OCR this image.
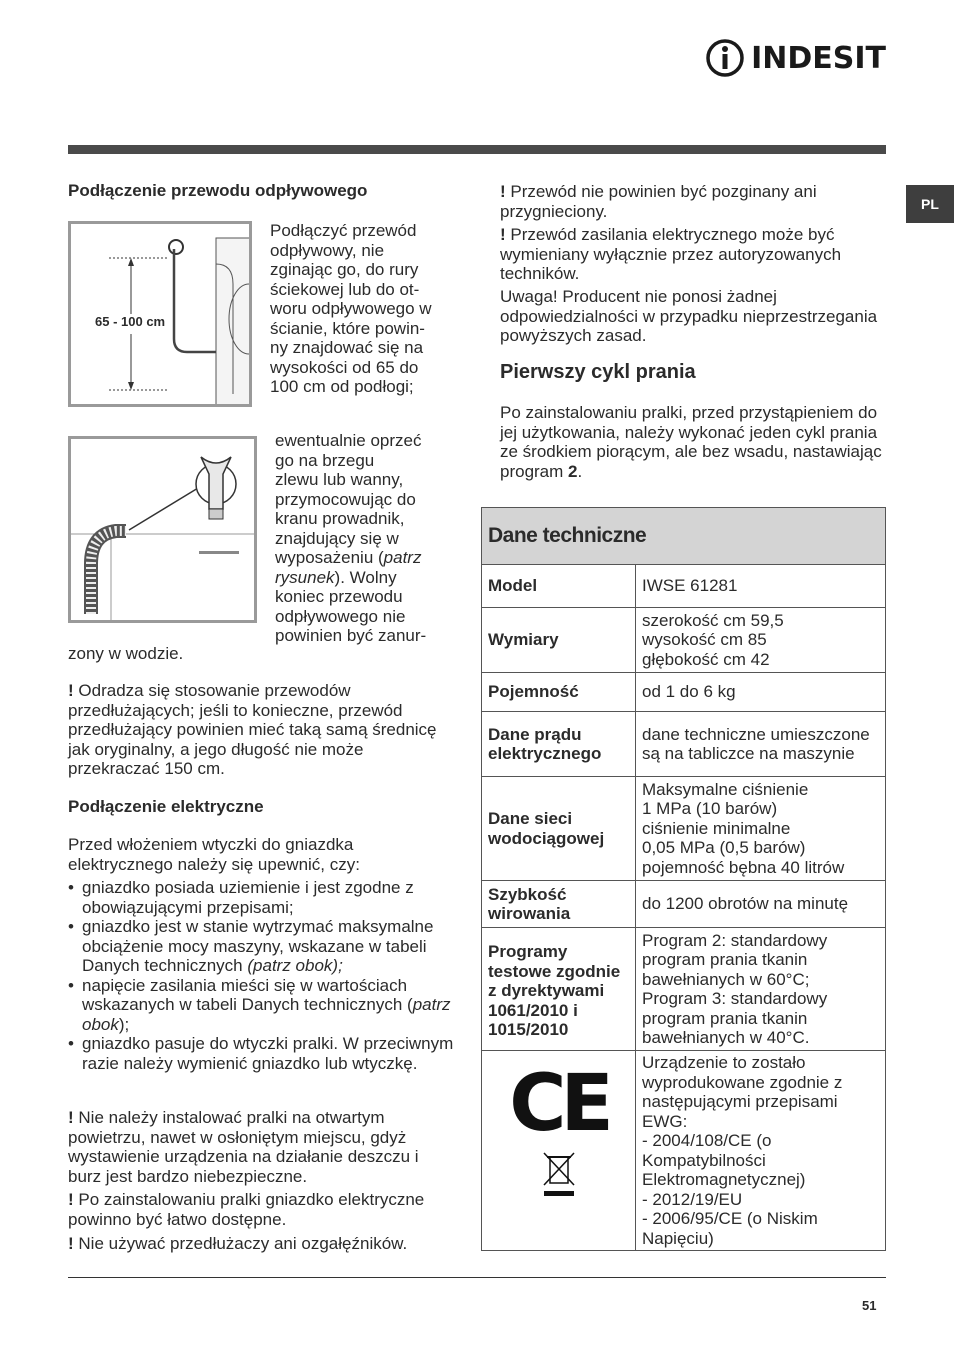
INDESIT
PL
Podłączenie przewodu odpływowego
65 - 100 cm
Podłączyć przewód
odpływowy, nie
zginając go, do rury
ściekowej lub do ot-
woru odpływowego w
ścianie, które powin-
ny znajdować się na
wysokości od 65 do
100 cm od podłogi;
ewentualnie oprzeć
go na brzegu
zlewu lub wanny,
przymocowując do
kranu prowadnik,
znajdujący się w
wyposażeniu (patrz
rysunek). Wolny
koniec przewodu
odpływowego nie
powinien być zanur-
zony w wodzie.
! Odradza się stosowanie przewodów przedłużających; jeśli to konieczne, przewód przedłużający powinien mieć taką samą średnicę jak oryginalny, a jego długość nie może przekraczać 150 cm.
Podłączenie elektryczne
Przed włożeniem wtyczki do gniazdka elektrycznego należy się upewnić, czy:
• gniazdko posiada uziemienie i jest zgodne z obowiązującymi przepisami;
• gniazdko jest w stanie wytrzymać maksymalne obciążenie mocy maszyny, wskazane w tabeli Danych technicznych (patrz obok);
• napięcie zasilania mieści się w wartościach wskazanych w tabeli Danych technicznych (patrz obok);
• gniazdko pasuje do wtyczki pralki. W przeciwnym razie należy wymienić gniazdko lub wtyczkę.
! Nie należy instalować pralki na otwartym powietrzu, nawet w osłoniętym miejscu, gdyż wystawienie urządzenia na działanie deszczu i burz jest bardzo niebezpieczne.
! Po zainstalowaniu pralki gniazdko elektryczne powinno być łatwo dostępne.
! Nie używać przedłużaczy ani ozgałęźników.
! Przewód nie powinien być pozginany ani przygnieciony.
! Przewód zasilania elektrycznego może być wymieniany wyłącznie przez autoryzowanych techników.
Uwaga! Producent nie ponosi żadnej odpowiedzialności w przypadku nieprzestrzegania powyższych zasad.
Pierwszy cykl prania
Po zainstalowaniu pralki, przed przystąpieniem do jej użytkowania, należy wykonać jeden cykl prania ze środkiem piorącym, ale bez wsadu, nastawiając program 2.
Dane techniczne	
Model	IWSE 61281
Wymiary	szerokość cm 59,5
wysokość cm 85
głębokość cm 42

Pojemność	od 1 do 6 kg
Dane prądu elektrycznego	dane techniczne umieszczone są na tabliczce na maszynie
Dane sieci wodociągowej	Maksymalne ciśnienie
1 MPa (10 barów)
ciśnienie minimalne
0,05 MPa (0,5 barów)
pojemność bębna 40 litrów

Szybkość wirowania	do 1200 obrotów na minutę
Programy testowe zgodnie z dyrektywami 1061/2010 i 1015/2010	Program 2: standardowy program prania tkanin bawełnianych w 60°C; Program 3: standardowy program prania tkanin bawełnianych w 40°C.

CE	Urządzenie to zostało wyprodukowane zgodnie z następującymi przepisami EWG:
- 2004/108/CE (o Kompatybilności Elektromagnetycznej)
- 2012/19/EU
- 2006/95/CE (o Niskim Napięciu)
51
